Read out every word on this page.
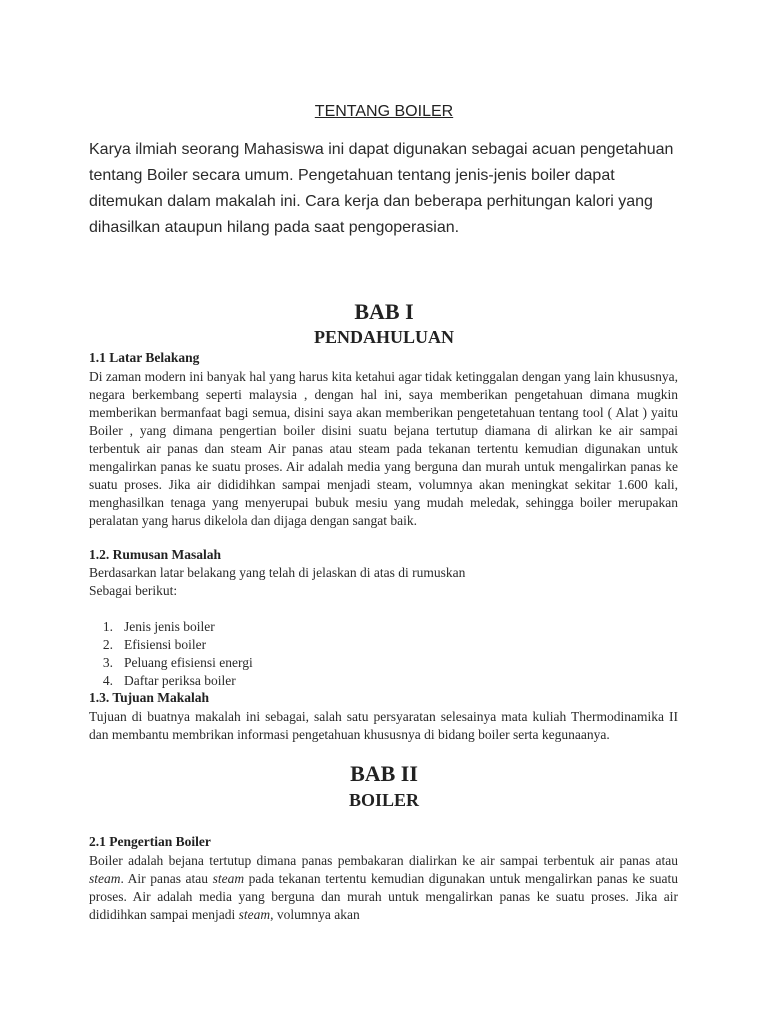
TENTANG BOILER

Karya ilmiah seorang Mahasiswa ini dapat digunakan sebagai acuan pengetahuan tentang Boiler secara umum. Pengetahuan tentang jenis-jenis boiler dapat ditemukan dalam makalah ini. Cara kerja dan beberapa perhitungan kalori yang dihasilkan ataupun hilang pada saat pengoperasian.

BAB I
PENDAHULUAN
1.1 Latar Belakang

Di zaman modern ini banyak hal yang harus kita ketahui agar tidak ketinggalan dengan yang lain khususnya, negara berkembang seperti malaysia , dengan hal ini, saya memberikan pengetahuan dimana mugkin memberikan bermanfaat bagi semua, disini saya akan memberikan pengetetahuan tentang tool ( Alat ) yaitu Boiler , yang dimana pengertian boiler disini suatu bejana tertutup diamana di alirkan ke air sampai terbentuk air panas dan steam Air panas atau steam pada tekanan tertentu kemudian digunakan untuk mengalirkan panas ke suatu proses. Air adalah media yang berguna dan murah untuk mengalirkan panas ke suatu proses. Jika air dididihkan sampai menjadi steam, volumnya akan meningkat sekitar 1.600 kali, menghasilkan tenaga yang menyerupai bubuk mesiu yang mudah meledak, sehingga boiler merupakan peralatan yang harus dikelola dan dijaga dengan sangat baik.

1.2. Rumusan Masalah

Berdasarkan latar belakang yang telah di jelaskan di atas di rumuskan

Sebagai berikut:

1. Jenis jenis boiler
2. Efisiensi boiler
3. Peluang efisiensi energi
4. Daftar periksa boiler
1.3. Tujuan Makalah

Tujuan di buatnya makalah ini sebagai, salah satu persyaratan selesainya mata kuliah Thermodinamika II dan membantu membrikan informasi pengetahuan khususnya di bidang boiler serta kegunaanya.

BAB II
BOILER
2.1 Pengertian Boiler

Boiler adalah bejana tertutup dimana panas pembakaran dialirkan ke air sampai terbentuk air panas atau steam. Air panas atau steam pada tekanan tertentu kemudian digunakan untuk mengalirkan panas ke suatu proses. Air adalah media yang berguna dan murah untuk mengalirkan panas ke suatu proses. Jika air dididihkan sampai menjadi steam, volumnya akan
